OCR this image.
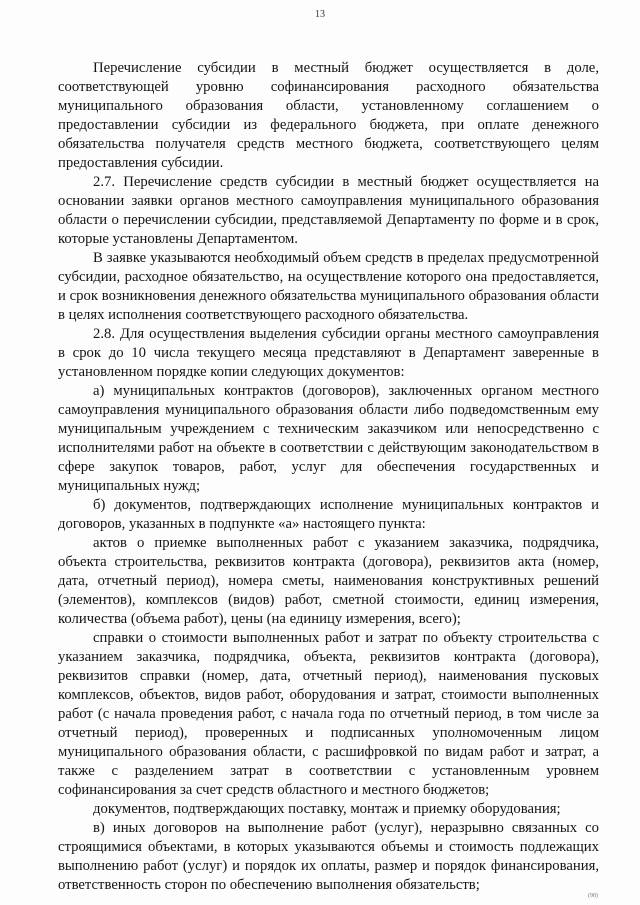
13

Перечисление субсидии в местный бюджет осуществляется в доле, соответствующей уровню софинансирования расходного обязательства муниципального образования области, установленному соглашением о предоставлении субсидии из федерального бюджета, при оплате денежного обязательства получателя средств местного бюджета, соответствующего целям предоставления субсидии.

2.7. Перечисление средств субсидии в местный бюджет осуществляется на основании заявки органов местного самоуправления муниципального образования области о перечислении субсидии, представляемой Департаменту по форме и в срок, которые установлены Департаментом.

В заявке указываются необходимый объем средств в пределах предусмотренной субсидии, расходное обязательство, на осуществление которого она предоставляется, и срок возникновения денежного обязательства муниципального образования области в целях исполнения соответствующего расходного обязательства.

2.8. Для осуществления выделения субсидии органы местного самоуправления в срок до 10 числа текущего месяца представляют в Департамент заверенные в установленном порядке копии следующих документов:

а) муниципальных контрактов (договоров), заключенных органом местного самоуправления муниципального образования области либо подведомственным ему муниципальным учреждением с техническим заказчиком или непосредственно с исполнителями работ на объекте в соответствии с действующим законодательством в сфере закупок товаров, работ, услуг для обеспечения государственных и муниципальных нужд;

б) документов, подтверждающих исполнение муниципальных контрактов и договоров, указанных в подпункте «а» настоящего пункта:

актов о приемке выполненных работ с указанием заказчика, подрядчика, объекта строительства, реквизитов контракта (договора), реквизитов акта (номер, дата, отчетный период), номера сметы, наименования конструктивных решений (элементов), комплексов (видов) работ, сметной стоимости, единиц измерения, количества (объема работ), цены (на единицу измерения, всего);

справки о стоимости выполненных работ и затрат по объекту строительства с указанием заказчика, подрядчика, объекта, реквизитов контракта (договора), реквизитов справки (номер, дата, отчетный период), наименования пусковых комплексов, объектов, видов работ, оборудования и затрат, стоимости выполненных работ (с начала проведения работ, с начала года по отчетный период, в том числе за отчетный период), проверенных и подписанных уполномоченным лицом муниципального образования области, с расшифровкой по видам работ и затрат, а также с разделением затрат в соответствии с установленным уровнем софинансирования за счет средств областного и местного бюджетов;

документов, подтверждающих поставку, монтаж и приемку оборудования;

в) иных договоров на выполнение работ (услуг), неразрывно связанных со строящимися объектами, в которых указываются объемы и стоимость подлежащих выполнению работ (услуг) и порядок их оплаты, размер и порядок финансирования, ответственность сторон по обеспечению выполнения обязательств;

(98)
